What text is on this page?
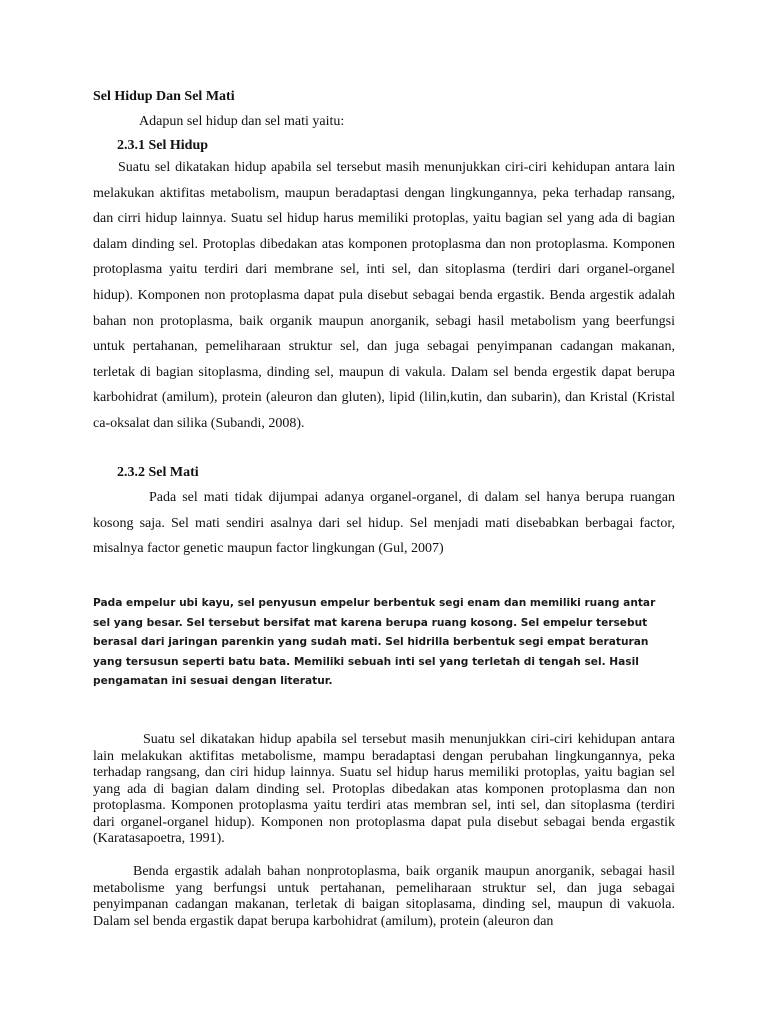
Sel Hidup Dan Sel Mati
Adapun sel hidup dan sel mati yaitu:
2.3.1 Sel Hidup

Suatu sel dikatakan hidup apabila sel tersebut masih menunjukkan ciri-ciri kehidupan antara lain melakukan aktifitas metabolism, maupun beradaptasi dengan lingkungannya, peka terhadap ransang, dan cirri hidup lainnya. Suatu sel hidup harus memiliki protoplas, yaitu bagian sel yang ada di bagian dalam dinding sel. Protoplas dibedakan atas komponen protoplasma dan non protoplasma. Komponen protoplasma yaitu terdiri dari membrane sel, inti sel, dan sitoplasma (terdiri dari organel-organel hidup). Komponen non protoplasma dapat pula disebut sebagai benda ergastik. Benda argestik adalah bahan non protoplasma, baik organik maupun anorganik, sebagi hasil metabolism yang beerfungsi untuk pertahanan, pemeliharaan struktur sel, dan juga sebagai penyimpanan cadangan makanan, terletak di bagian sitoplasma, dinding sel, maupun di vakula. Dalam sel benda ergestik dapat berupa karbohidrat (amilum), protein (aleuron dan gluten), lipid (lilin,kutin, dan subarin), dan Kristal (Kristal ca-oksalat dan silika (Subandi, 2008).

2.3.2 Sel Mati

Pada sel mati tidak dijumpai adanya organel-organel, di dalam sel hanya berupa ruangan kosong saja. Sel mati sendiri asalnya dari sel hidup. Sel menjadi mati disebabkan berbagai factor, misalnya factor genetic maupun factor lingkungan (Gul, 2007)

Pada empelur ubi kayu, sel penyusun empelur berbentuk segi enam dan memiliki ruang antar sel yang besar. Sel tersebut bersifat mat karena berupa ruang kosong. Sel empelur tersebut berasal dari jaringan parenkin yang sudah mati. Sel hidrilla berbentuk segi empat beraturan yang tersusun seperti batu bata. Memiliki sebuah inti sel yang terletah di tengah sel. Hasil pengamatan ini sesuai dengan literatur.

Suatu sel dikatakan hidup apabila sel tersebut masih menunjukkan ciri-ciri kehidupan antara lain melakukan aktifitas metabolisme, mampu beradaptasi dengan perubahan lingkungannya, peka terhadap rangsang, dan ciri hidup lainnya. Suatu sel hidup harus memiliki protoplas, yaitu bagian sel yang ada di bagian dalam dinding sel. Protoplas dibedakan atas komponen protoplasma dan non protoplasma. Komponen protoplasma yaitu terdiri atas membran sel, inti sel, dan sitoplasma (terdiri dari organel-organel hidup). Komponen non protoplasma dapat pula disebut sebagai benda ergastik (Karatasapoetra, 1991).

Benda ergastik adalah bahan nonprotoplasma, baik organik maupun anorganik, sebagai hasil metabolisme yang berfungsi untuk pertahanan, pemeliharaan struktur sel, dan juga sebagai penyimpanan cadangan makanan, terletak di baigan sitoplasama, dinding sel, maupun di vakuola. Dalam sel benda ergastik dapat berupa karbohidrat (amilum), protein (aleuron dan
